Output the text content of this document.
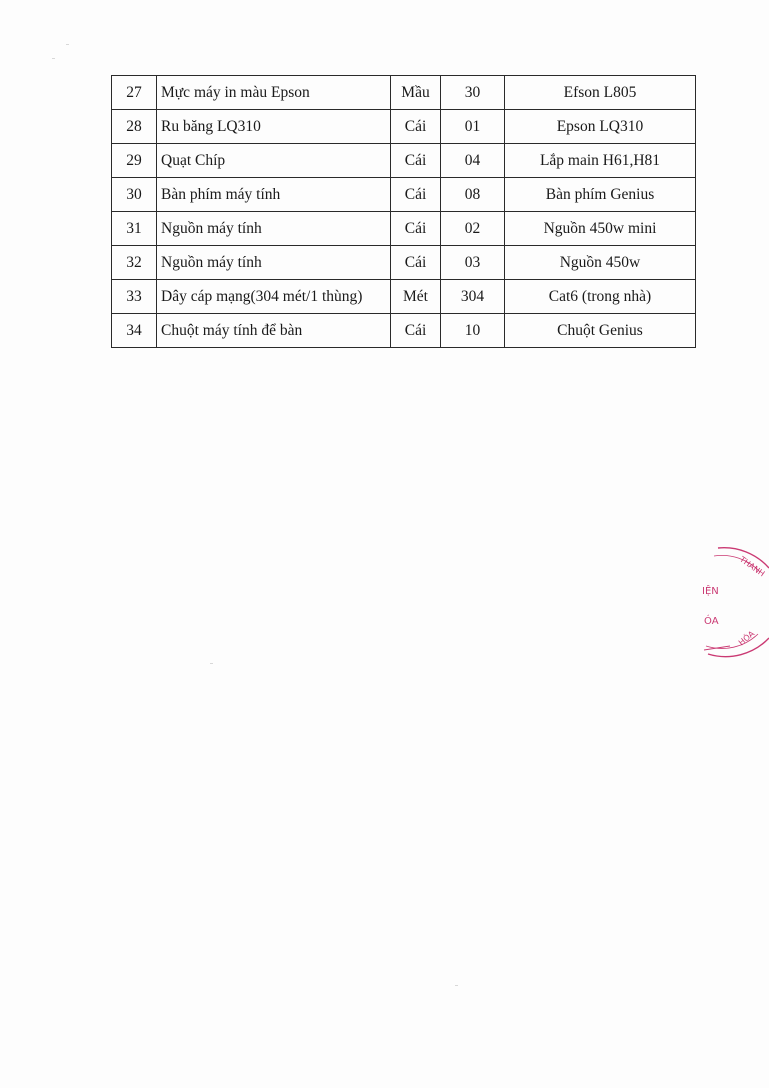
27	Mực máy in màu Epson	Mầu	30	Efson L805
28	Ru băng LQ310	Cái	01	Epson LQ310
29	Quạt Chíp	Cái	04	Lắp main H61,H81
30	Bàn phím máy tính	Cái	08	Bàn phím Genius
31	Nguồn máy tính	Cái	02	Nguồn 450w mini
32	Nguồn máy tính	Cái	03	Nguồn 450w
33	Dây cáp mạng(304 mét/1 thùng)	Mét	304	Cat6 (trong nhà)
34	Chuột máy tính để bàn	Cái	10	Chuột Genius
THANH
IỆN
ÓA
HÓA
